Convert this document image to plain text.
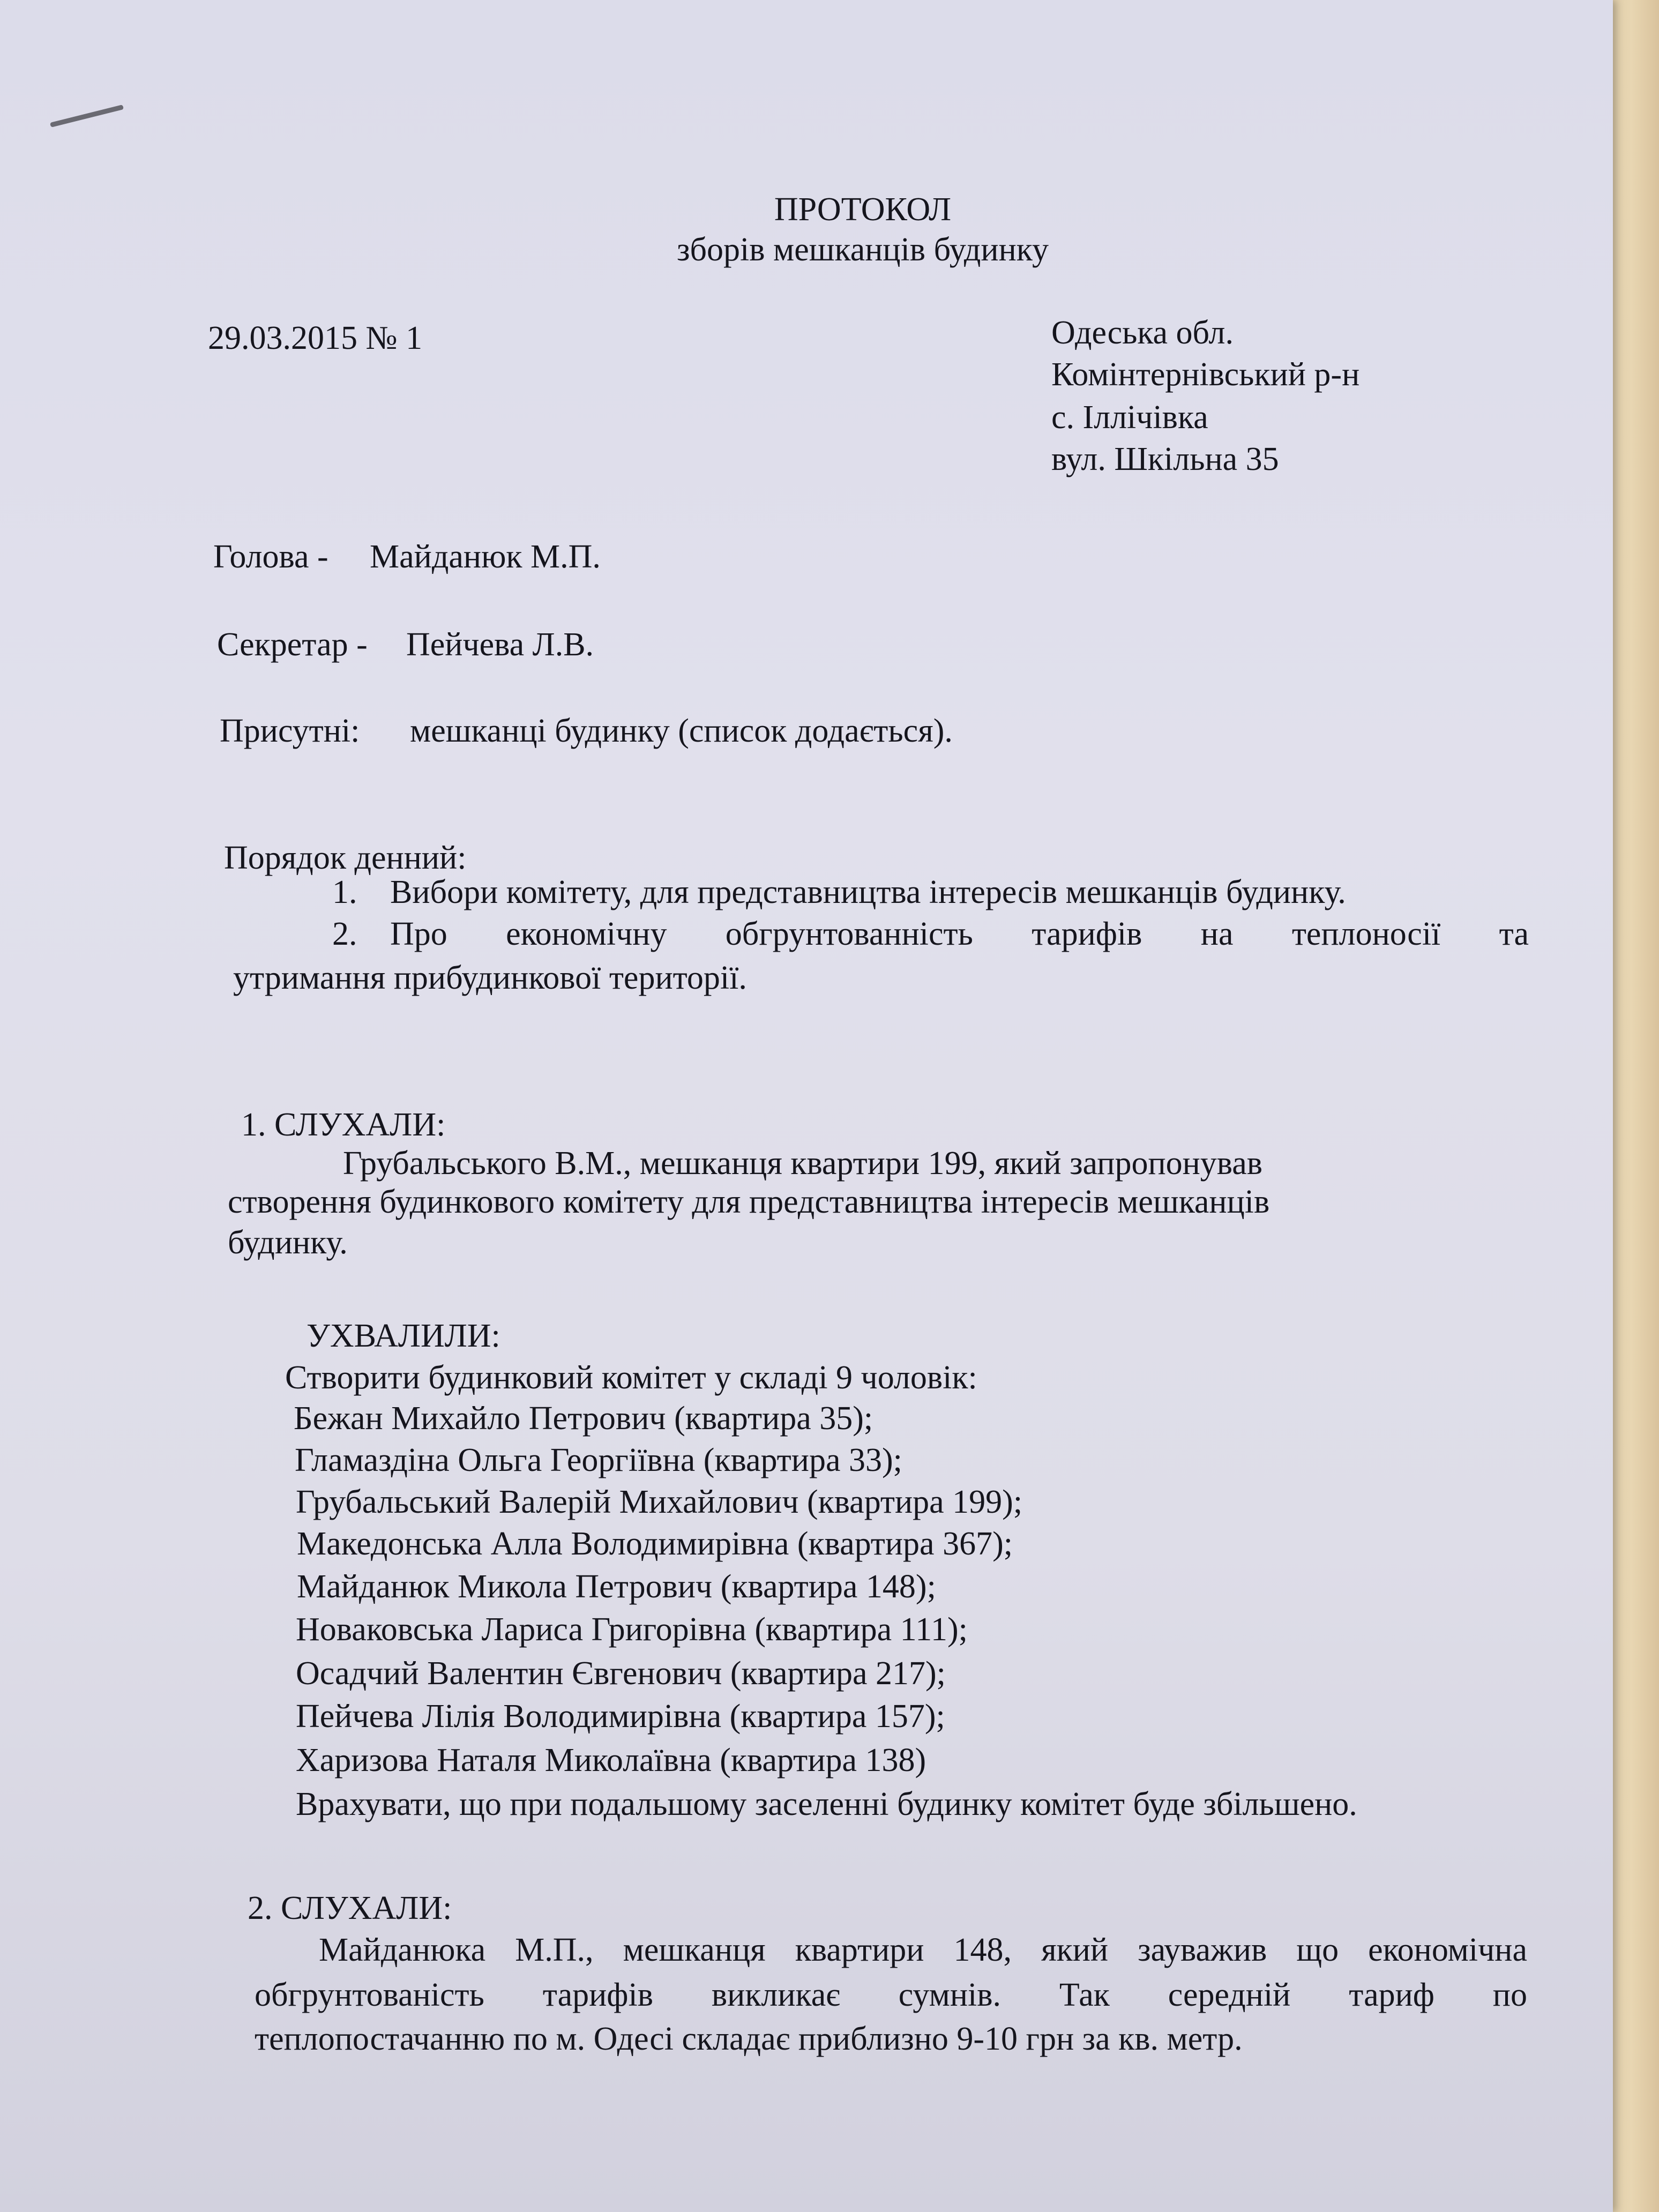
ПРОТОКОЛ
зборів мешканців будинку
29.03.2015 № 1	Одеська обл.
Комінтернівський р-н
с. Іллічівка
вул. Шкільна 35
Голова - Майданюк М.П.
Секретар - Пейчева Л.В.
Присутні: мешканці будинку (список додається).
Порядок денний:
1. Вибори комітету, для представництва інтересів мешканців будинку.
2. Про економічну обгрунтованність тарифів на теплоносії та
утримання прибудинкової території.
1. СЛУХАЛИ:
Грубальського В.М., мешканця квартири 199, який запропонував
створення будинкового комітету для представництва інтересів мешканців
будинку.
УХВАЛИЛИ:
Створити будинковий комітет у складі 9 чоловік:
Бежан Михайло Петрович (квартира 35);
Гламаздіна Ольга Георгіївна (квартира 33);
Грубальський Валерій Михайлович (квартира 199);
Македонська Алла Володимирівна (квартира 367);
Майданюк Микола Петрович (квартира 148);
Новаковська Лариса Григорівна (квартира 111);
Осадчий Валентин Євгенович (квартира 217);
Пейчева Лілія Володимирівна (квартира 157);
Харизова Наталя Миколаївна (квартира 138)
Врахувати, що при подальшому заселенні будинку комітет буде збільшено.
2. СЛУХАЛИ:
Майданюка М.П., мешканця квартири 148, який зауважив що економічна
обгрунтованість тарифів викликає сумнів. Так середній тариф по
теплопостачанню по м. Одесі складає приблизно 9-10 грн за кв. метр.
